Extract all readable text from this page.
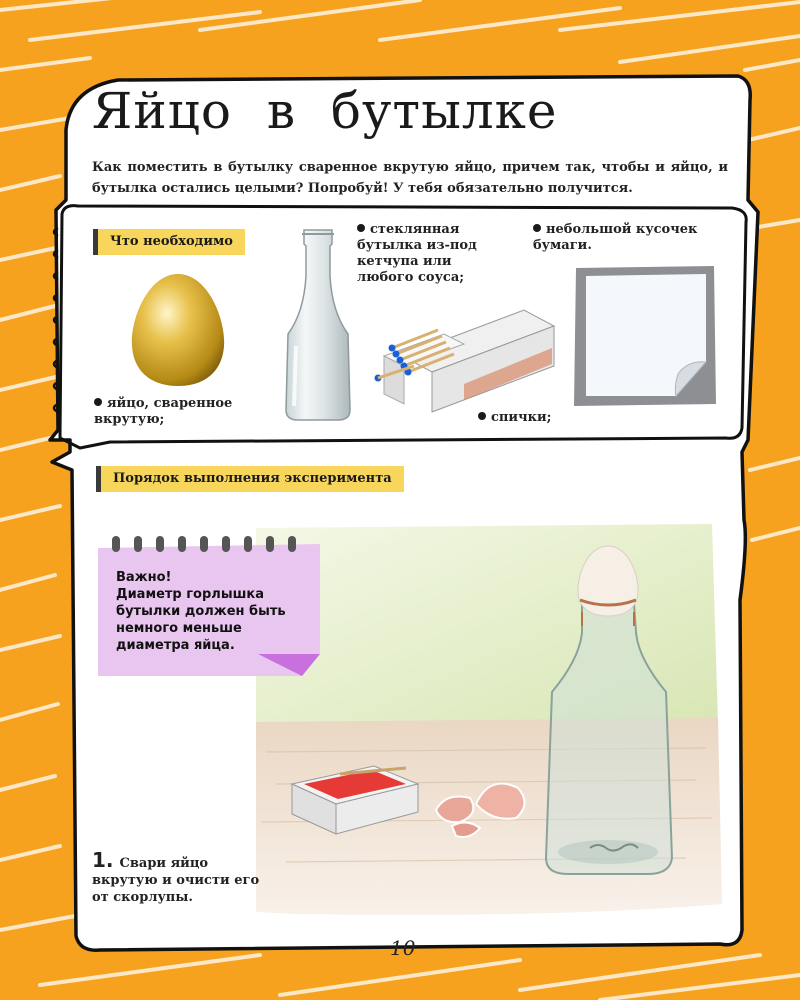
Яйцо в бутылке
Как поместить в бутылку сваренное вкрутую яйцо, причем так, чтобы и яйцо, и бутылка остались целыми? Попробуй! У тебя обязательно получится.
Что необходимо
яйцо, сваренное вкрутую;
стеклянная бутылка из-под кетчупа или любого соуса;
спички;
небольшой кусочек бумаги.
Порядок выполнения эксперимента
Важно!
Диаметр горлышка бутылки должен быть немного меньше диаметра яйца.
1. Свари яйцо вкрутую и очисти его от скорлупы.
10
